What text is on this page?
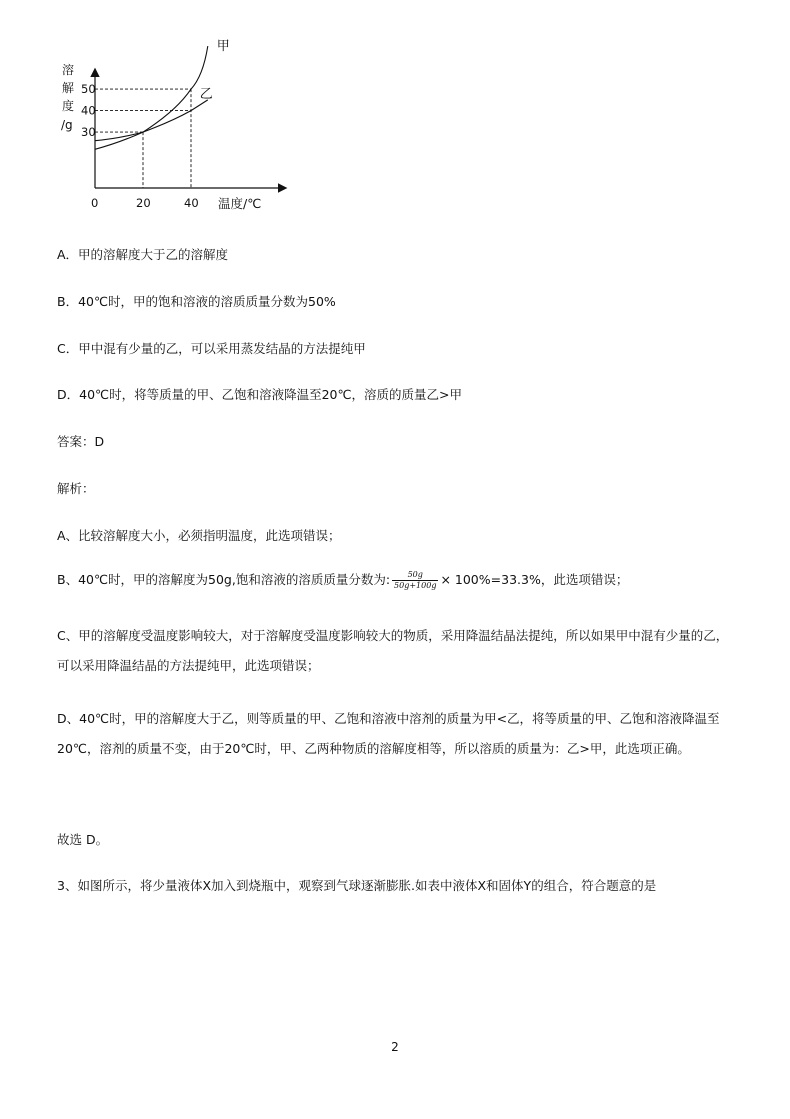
甲
乙
溶
解
度
/g
30
40
50
0	20	40 温度/℃
A．甲的溶解度大于乙的溶解度
B．40℃时，甲的饱和溶液的溶质质量分数为50%
C．甲中混有少量的乙，可以采用蒸发结晶的方法提纯甲
D．40℃时，将等质量的甲、乙饱和溶液降温至20℃，溶质的质量乙>甲
答案：D
解析：
A、比较溶解度大小，必须指明温度，此选项错误；
B、40℃时，甲的溶解度为50g,饱和溶液的溶质质量分数为: $\frac{50g}{50g+100g} \times 100\%=33.3\%$，此选项错误；
C、甲的溶解度受温度影响较大，对于溶解度受温度影响较大的物质，采用降温结晶法提纯，所以如果甲中混有少量的乙，可以采用降温结晶的方法提纯甲，此选项错误；
D、40℃时，甲的溶解度大于乙，则等质量的甲、乙饱和溶液中溶剂的质量为甲<乙，将等质量的甲、乙饱和溶液降温至20℃，溶剂的质量不变，由于20℃时，甲、乙两种物质的溶解度相等，所以溶质的质量为：乙>甲，此选项正确。
故选 D。
3、如图所示，将少量液体X加入到烧瓶中，观察到气球逐渐膨胀.如表中液体X和固体Y的组合，符合题意的是
2
